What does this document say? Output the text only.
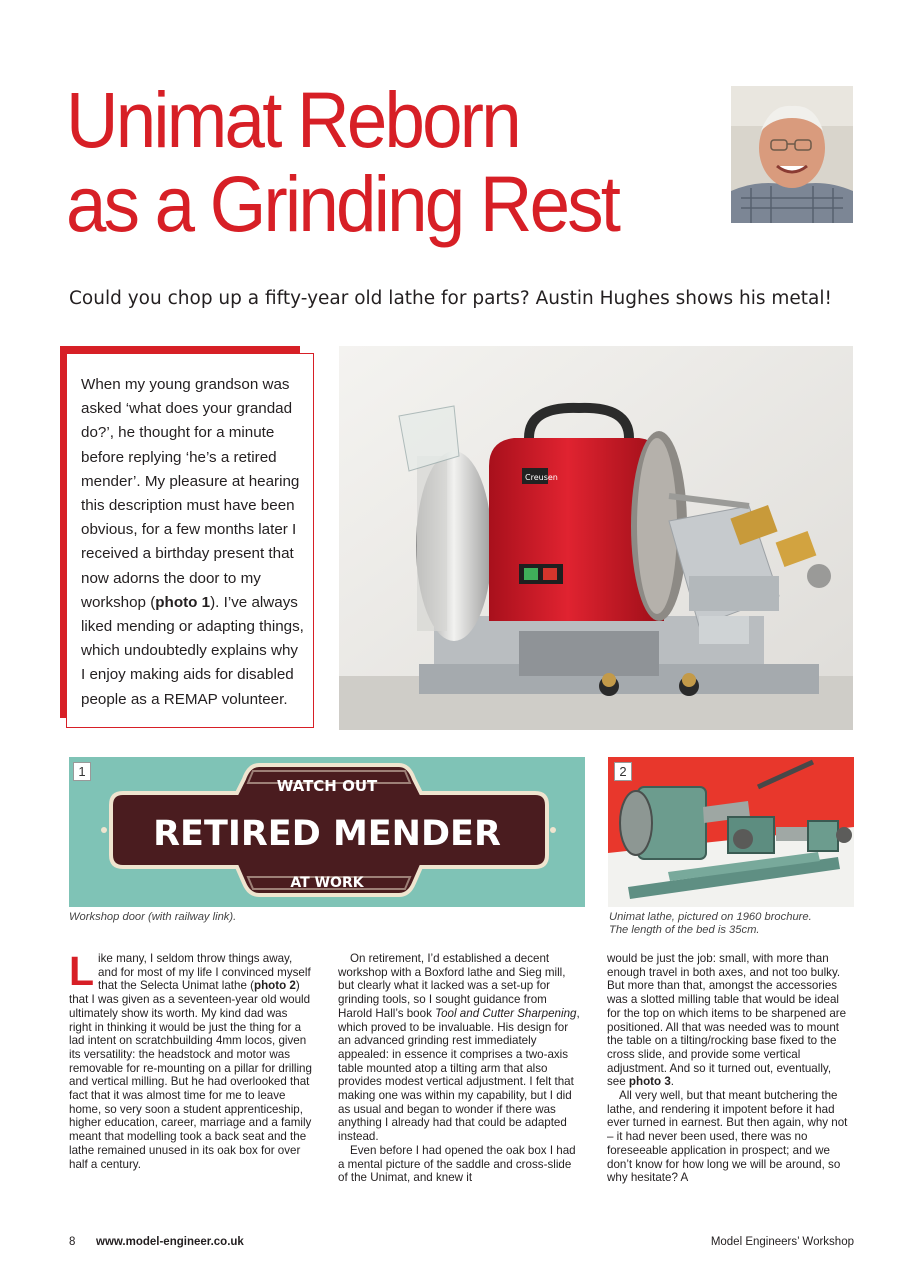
Unimat Reborn
as a Grinding Rest
Could you chop up a fifty-year old lathe for parts? Austin Hughes shows his metal!
When my young grandson was asked ‘what does your grandad do?’, he thought for a minute before replying ‘he’s a retired mender’. My pleasure at hearing this description must have been obvious, for a few months later I received a birthday present that now adorns the door to my workshop (photo 1). I’ve always liked mending or adapting things, which undoubtedly explains why I enjoy making aids for disabled people as a REMAP volunteer.
Creusen
WATCH OUT
RETIRED MENDER
AT WORK
1
Workshop door (with railway link).
2
Unimat lathe, pictured on 1960 brochure.
The length of the bed is 35cm.

Like many, I seldom throw things away, and for most of my life I convinced myself that the Selecta Unimat lathe (photo 2) that I was given as a seventeen-year old would ultimately show its worth. My kind dad was right in thinking it would be just the thing for a lad intent on scratchbuilding 4mm locos, given its versatility: the headstock and motor was removable for re-mounting on a pillar for drilling and vertical milling. But he had overlooked that fact that it was almost time for me to leave home, so very soon a student apprenticeship, higher education, career, marriage and a family meant that modelling took a back seat and the lathe remained unused in its oak box for over half a century.

On retirement, I’d established a decent workshop with a Boxford lathe and Sieg mill, but clearly what it lacked was a set-up for grinding tools, so I sought guidance from Harold Hall’s book Tool and Cutter Sharpening, which proved to be invaluable. His design for an advanced grinding rest immediately appealed: in essence it comprises a two-axis table mounted atop a tilting arm that also provides modest vertical adjustment. I felt that making one was within my capability, but I did as usual and began to wonder if there was anything I already had that could be adapted instead.

Even before I had opened the oak box I had a mental picture of the saddle and cross-slide of the Unimat, and knew it

would be just the job: small, with more than enough travel in both axes, and not too bulky. But more than that, amongst the accessories was a slotted milling table that would be ideal for the top on which items to be sharpened are positioned. All that was needed was to mount the table on a tilting/rocking base fixed to the cross slide, and provide some vertical adjustment. And so it turned out, eventually, see photo 3.

All very well, but that meant butchering the lathe, and rendering it impotent before it had ever turned in earnest. But then again, why not – it had never been used, there was no foreseeable application in prospect; and we don’t know for how long we will be around, so why hesitate? A

8 www.model-engineer.co.uk	Model Engineers’ Workshop
